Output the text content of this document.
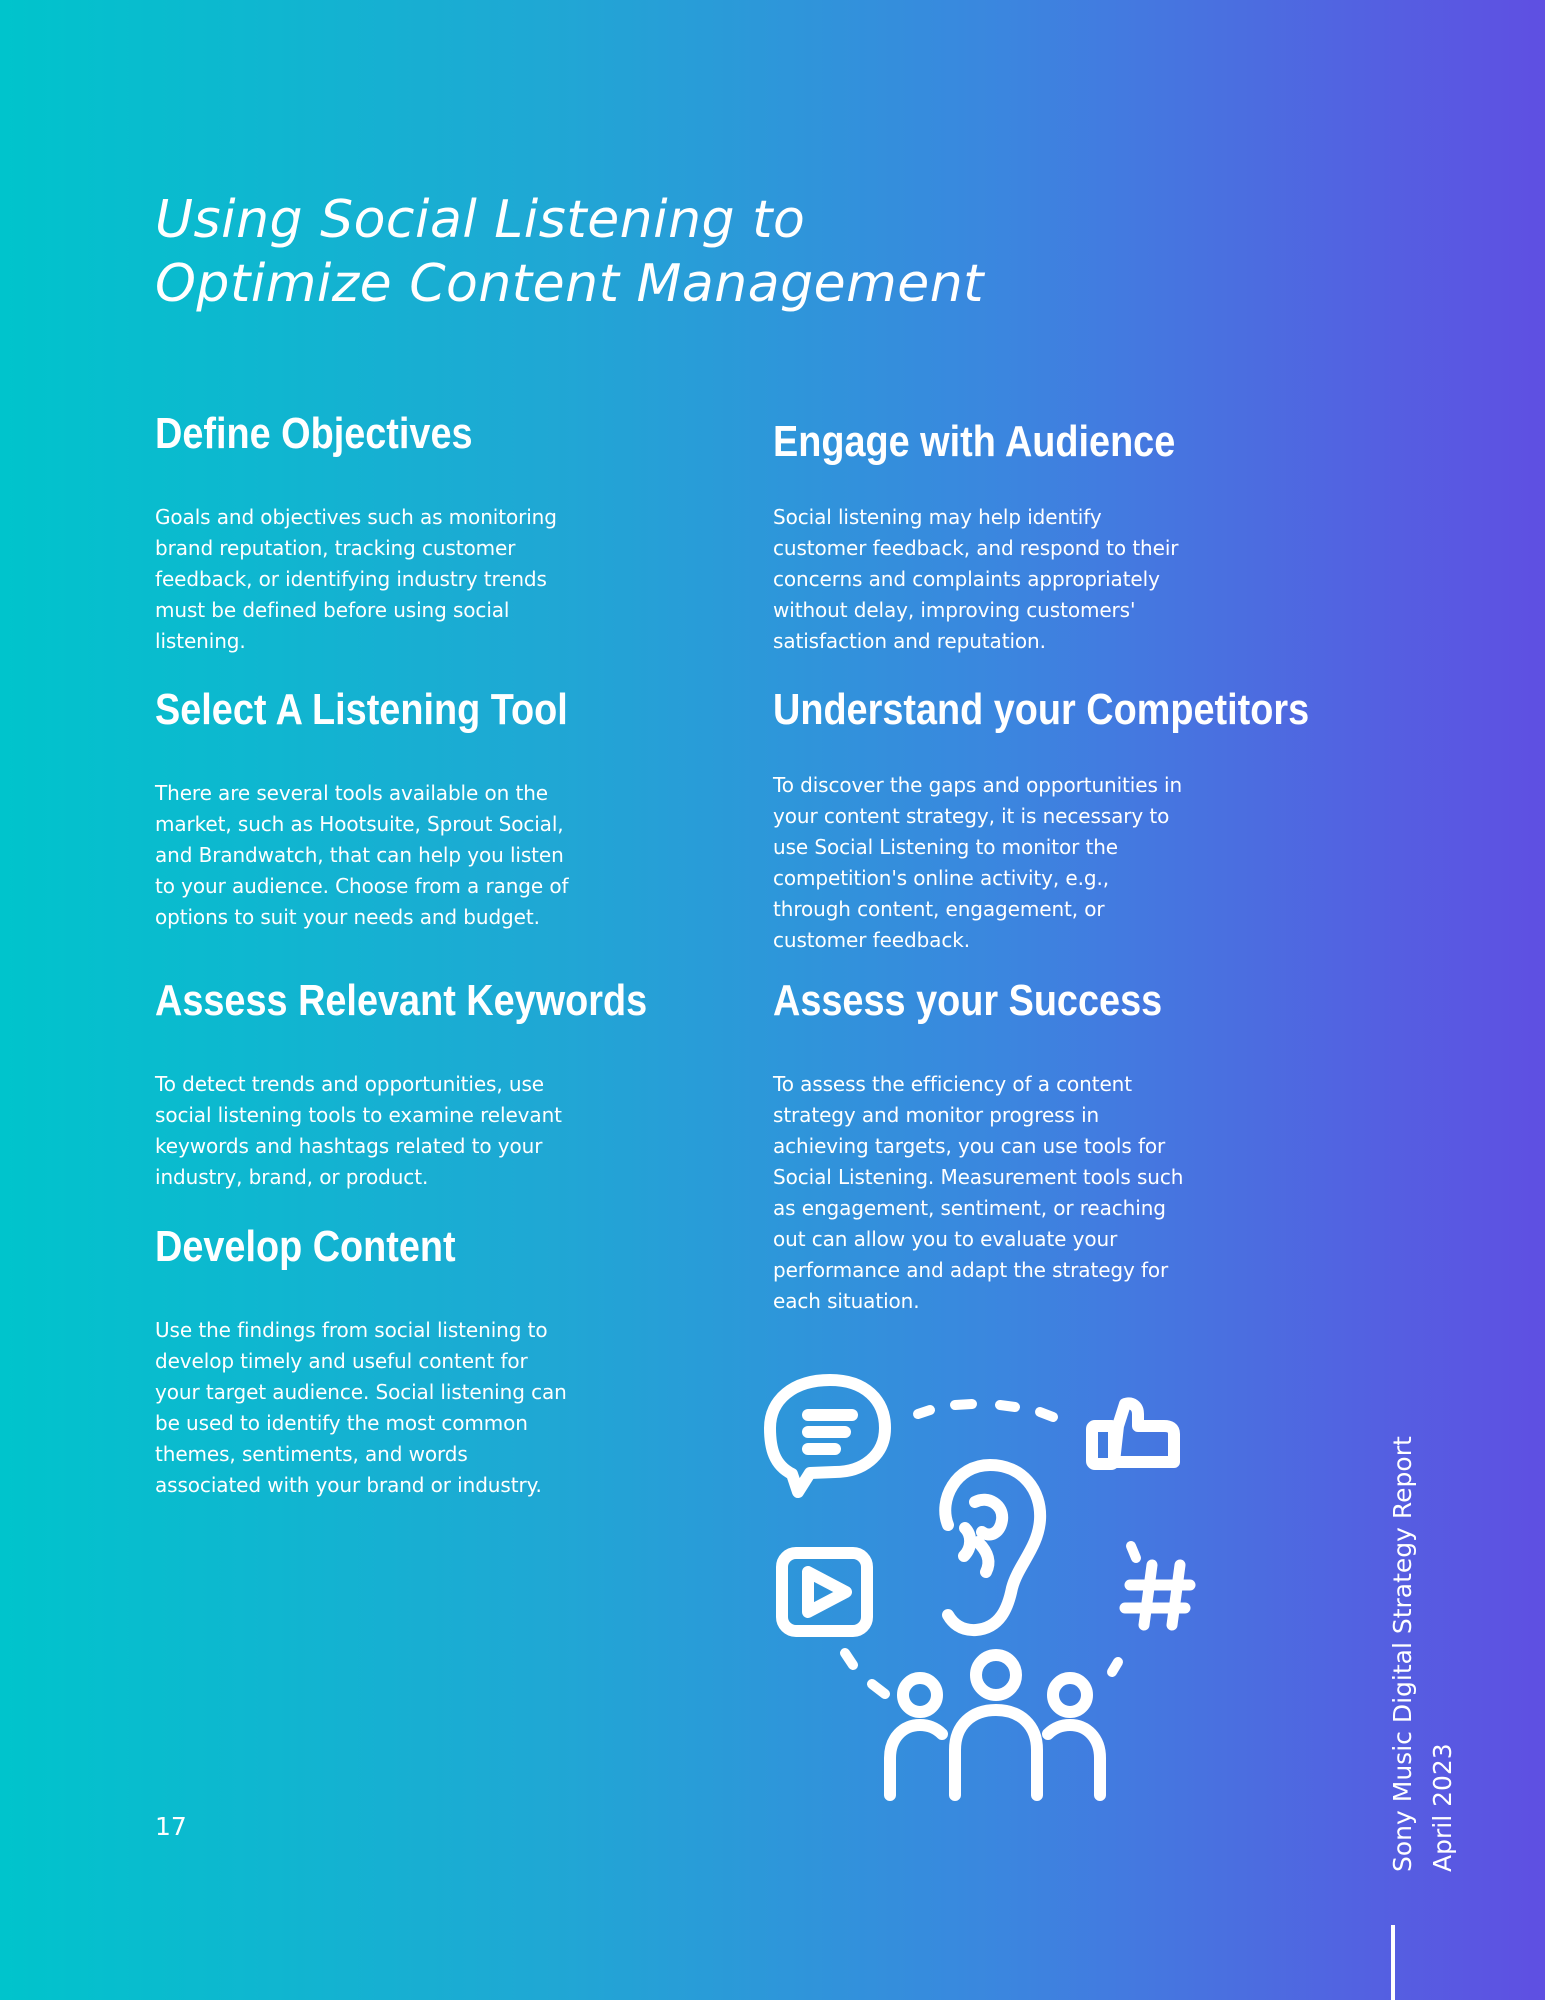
Using Social Listening to
Optimize Content Management
Define Objectives

Goals and objectives such as monitoring brand reputation, tracking customer feedback, or identifying industry trends must be defined before using social listening.

Engage with Audience

Social listening may help identify customer feedback, and respond to their concerns and complaints appropriately without delay, improving customers' satisfaction and reputation.

Select A Listening Tool

There are several tools available on the market, such as Hootsuite, Sprout Social, and Brandwatch, that can help you listen to your audience. Choose from a range of options to suit your needs and budget.

Understand your Competitors

To discover the gaps and opportunities in your content strategy, it is necessary to use Social Listening to monitor the competition's online activity, e.g., through content, engagement, or customer feedback.

Assess Relevant Keywords

To detect trends and opportunities, use social listening tools to examine relevant keywords and hashtags related to your industry, brand, or product.

Assess your Success

To assess the efficiency of a content strategy and monitor progress in achieving targets, you can use tools for Social Listening. Measurement tools such as engagement, sentiment, or reaching out can allow you to evaluate your performance and adapt the strategy for each situation.

Develop Content

Use the findings from social listening to develop timely and useful content for your target audience. Social listening can be used to identify the most common themes, sentiments, and words associated with your brand or industry.

17	Sony Music Digital Strategy Report April 2023
